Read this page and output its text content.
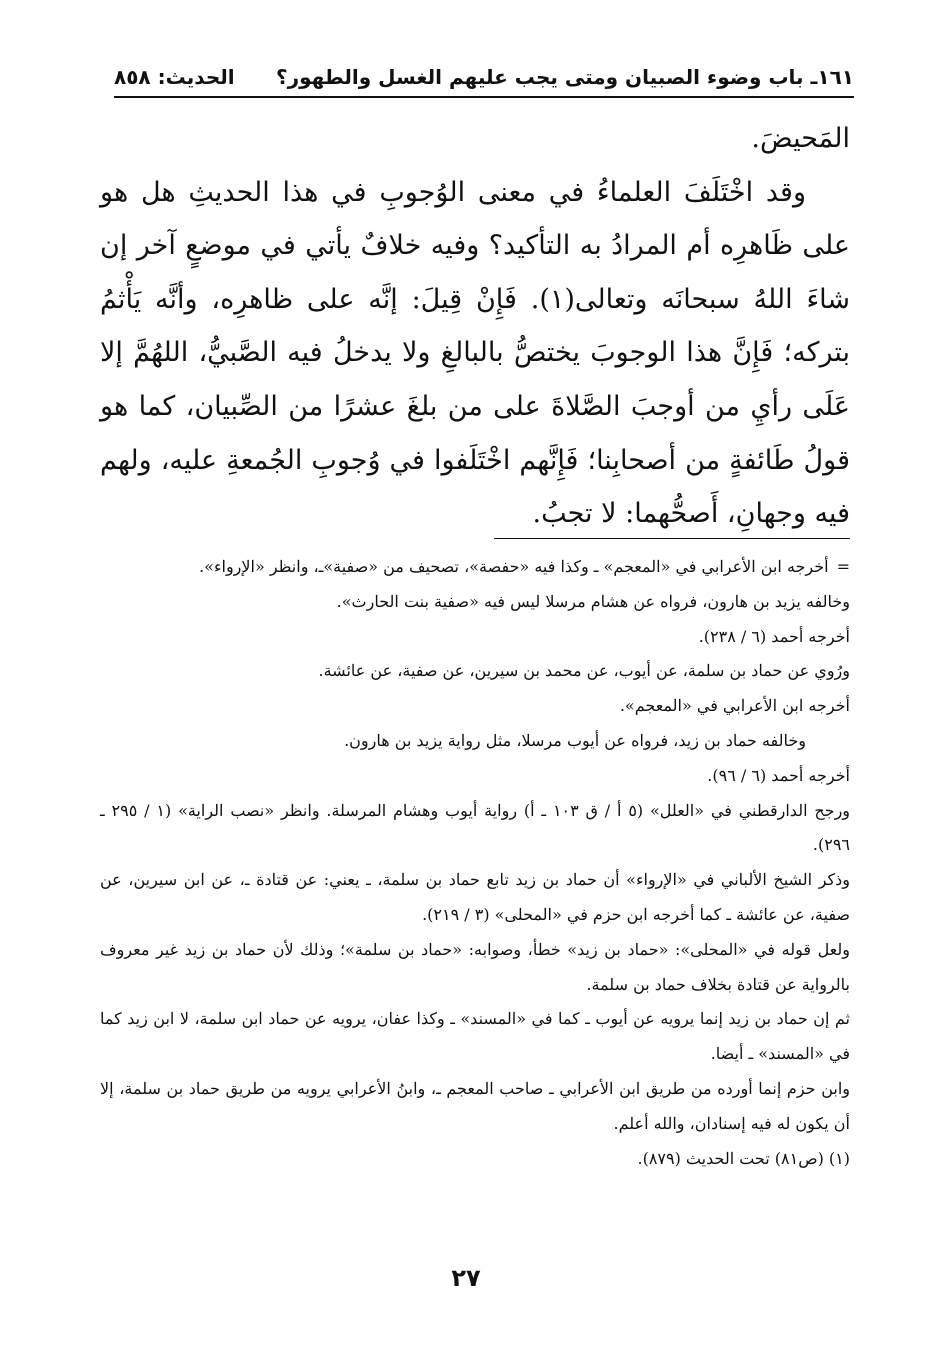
١٦١ـ باب وضوء الصبيان ومتى يجب عليهم الغسل والطهور؟
الحديث: ٨٥٨

المَحيضَ.

وقد اخْتَلَفَ العلماءُ في معنى الوُجوبِ في هذا الحديثِ هل هو على ظَاهرِه أم المرادُ به التأكيد؟ وفيه خلافٌ يأتي في موضعٍ آخر إن شاءَ اللهُ سبحانَه وتعالى(١). فَإِنْ قِيلَ: إنَّه على ظاهرِه، وأنَّه يَأْثمُ بتركه؛ فَإِنَّ هذا الوجوبَ يختصُّ بالبالغِ ولا يدخلُ فيه الصَّبيُّ، اللهُمَّ إلا عَلَى رأيِ من أوجبَ الصَّلاةَ على من بلغَ عشرًا من الصِّبيان، كما هو قولُ طَائفةٍ من أصحابِنا؛ فَإِنَّهم اخْتَلَفوا في وُجوبِ الجُمعةِ عليه، ولهم فيه وجهانِ، أَصحُّهما: لا تجبُ.

=أخرجه ابن الأعرابي في «المعجم» ـ وكذا فيه «حفصة»، تصحيف من «صفية»ـ، وانظر «الإرواء».

وخالفه يزيد بن هارون، فرواه عن هشام مرسلا ليس فيه «صفية بنت الحارث».

أخرجه أحمد (٦ / ٢٣٨).

ورُوي عن حماد بن سلمة، عن أيوب، عن محمد بن سيرين، عن صفية، عن عائشة.

أخرجه ابن الأعرابي في «المعجم».

وخالفه حماد بن زيد، فرواه عن أيوب مرسلا، مثل رواية يزيد بن هارون.

أخرجه أحمد (٦ / ٩٦).

ورجح الدارقطني في «العلل» (٥ أ / ق ١٠٣ ـ أ) رواية أيوب وهشام المرسلة. وانظر «نصب الراية» (١ / ٢٩٥ ـ ٢٩٦).

وذكر الشيخ الألباني في «الإرواء» أن حماد بن زيد تابع حماد بن سلمة، ـ يعني: عن قتادة ـ، عن ابن سيرين، عن صفية، عن عائشة ـ كما أخرجه ابن حزم في «المحلى» (٣ / ٢١٩).

ولعل قوله في «المحلى»: «حماد بن زيد» خطأ، وصوابه: «حماد بن سلمة»؛ وذلك لأن حماد بن زيد غير معروف بالرواية عن قتادة بخلاف حماد بن سلمة.

ثم إن حماد بن زيد إنما يرويه عن أيوب ـ كما في «المسند» ـ وكذا عفان، يرويه عن حماد ابن سلمة، لا ابن زيد كما في «المسند» ـ أيضا.

وابن حزم إنما أورده من طريق ابن الأعرابي ـ صاحب المعجم ـ، وابنُ الأعرابي يرويه من طريق حماد بن سلمة، إلا أن يكون له فيه إسنادان، والله أعلم.

(١) (ص٨١) تحت الحديث (٨٧٩).

٢٧
